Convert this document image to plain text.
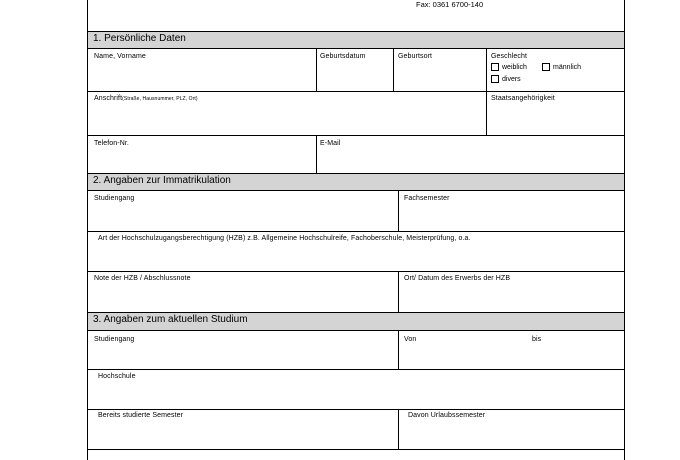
Fax: 0361 6700-140
1. Persönliche Daten
Name, Vorname	Geburtsdatum	Geburtsort	Geschlecht
weiblich	männlich
divers
Anschrift(Straße, Hausnummer, PLZ, Ort)	Staatsangehörigkeit
Telefon-Nr.	E-Mail
2. Angaben zur Immatrikulation
Studiengang	Fachsemester
Art der Hochschulzugangsberechtigung (HZB) z.B. Allgemeine Hochschulreife, Fachoberschule, Meisterprüfung, o.a.
Note der HZB / Abschlussnote	Ort/ Datum des Erwerbs der HZB
3. Angaben zum aktuellen Studium
Studiengang	Von	bis
Hochschule
Bereits studierte Semester	Davon Urlaubssemester
